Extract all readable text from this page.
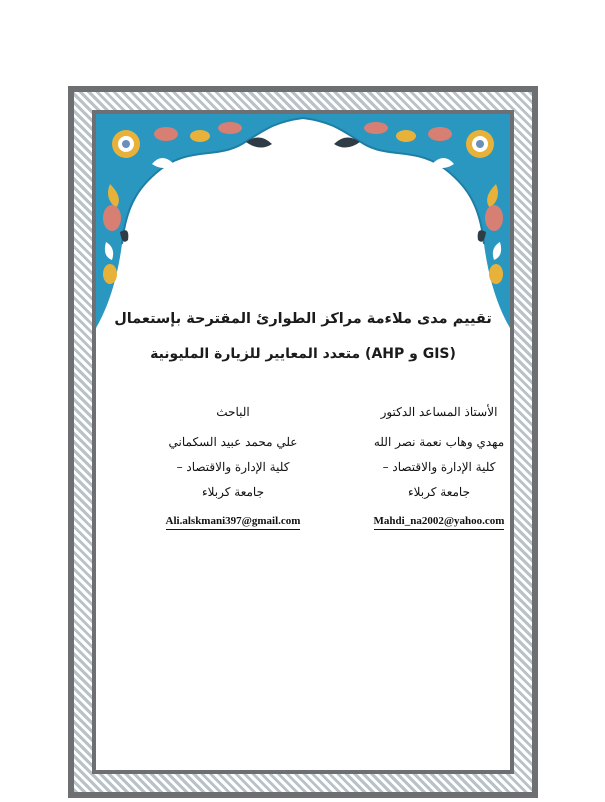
تقييم مدى ملاءمة مراكز الطوارئ المقترحة بإستعمال
(GIS و AHP) متعدد المعايير للزيارة المليونية
الأستاذ المساعد الدكتور
مهدي وهاب نعمة نصر الله
كلية الإدارة والاقتصاد –
جامعة كربلاء
Mahdi_na2002@yahoo.com
الباحث
علي محمد عبيد السكماني
كلية الإدارة والاقتصاد –
جامعة كربلاء
Ali.alskmani397@gmail.com
